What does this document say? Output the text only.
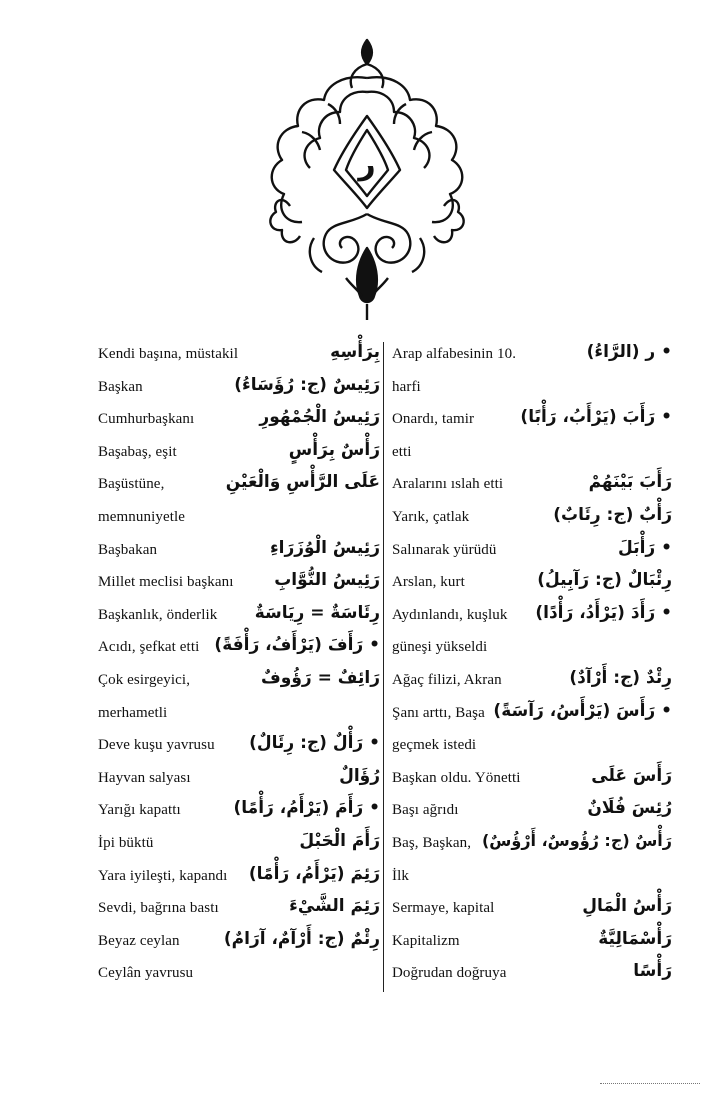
ر
Kendi başına, müstakil	بِرَأْسِهِ
Başkan	رَئِيسٌ (ج: رُؤَسَاءُ)
Cumhurbaşkanı	رَئِيسُ الْجُمْهُورِ
Başabaş, eşit	رَأْسٌ بِرَأْسٍ
Başüstüne,	عَلَى الرَّأْسِ وَالْعَيْنِ
memnuniyetle
Başbakan	رَئِيسُ الْوُزَرَاءِ
Millet meclisi başkanı رَئِيسُ النُّوَّابِ
Başkanlık, önderlik رِئَاسَةٌ = رِيَاسَةٌ
Acıdı, şefkat etti • رَأَفَ (يَرْأَفُ، رَأْفَةً)
Çok esirgeyici,	رَائِفٌ = رَؤُوفٌ
merhametli
Deve kuşu yavrusu • رَأْلٌ (ج: رِئَالٌ)
Hayvan salyası	رُؤَالٌ
Yarığı kapattı	• رَأَمَ (يَرْأَمُ، رَأْمًا)
İpi büktü	رَأَمَ الْحَبْلَ
Yara iyileşti, kapandı رَئِمَ (يَرْأَمُ، رَأْمًا)
Sevdi, bağrına bastı	رَئِمَ الشَّيْءَ
Beyaz ceylan	رِئْمٌ (ج: أَرْآمٌ، آرَامٌ)
Ceylân yavrusu
Arap alfabesinin 10.	• ر (الرَّاءُ)
harfi
Onardı, tamir	• رَأَبَ (يَرْأَبُ، رَأْبًا)
etti
Aralarını ıslah etti	رَأَبَ بَيْنَهُمْ
Yarık, çatlak	رَأْبٌ (ج: رِئَابٌ)
Salınarak yürüdü	• رَأْبَلَ
Arslan, kurt	رِئْبَالٌ (ج: رَآبِيلُ)
Aydınlandı, kuşluk • رَأَدَ (يَرْأَدُ، رَأْدًا)
güneşi yükseldi
Ağaç filizi, Akran	رِئْدٌ (ج: أَرْآدٌ)
Şanı arttı, Başa • رَأَسَ (يَرْأَسُ، رَآسَةً)
geçmek istedi
Başkan oldu. Yönetti	رَأَسَ عَلَى
Başı ağrıdı	رُئِسَ فُلَانٌ
Baş, Başkan, رَأْسٌ (ج: رُؤُوسٌ، أَرْؤُسٌ)
İlk
Sermaye, kapital	رَأْسُ الْمَالِ
Kapitalizm	رَأْسْمَالِيَّةٌ
Doğrudan doğruya	رَأْسًا
